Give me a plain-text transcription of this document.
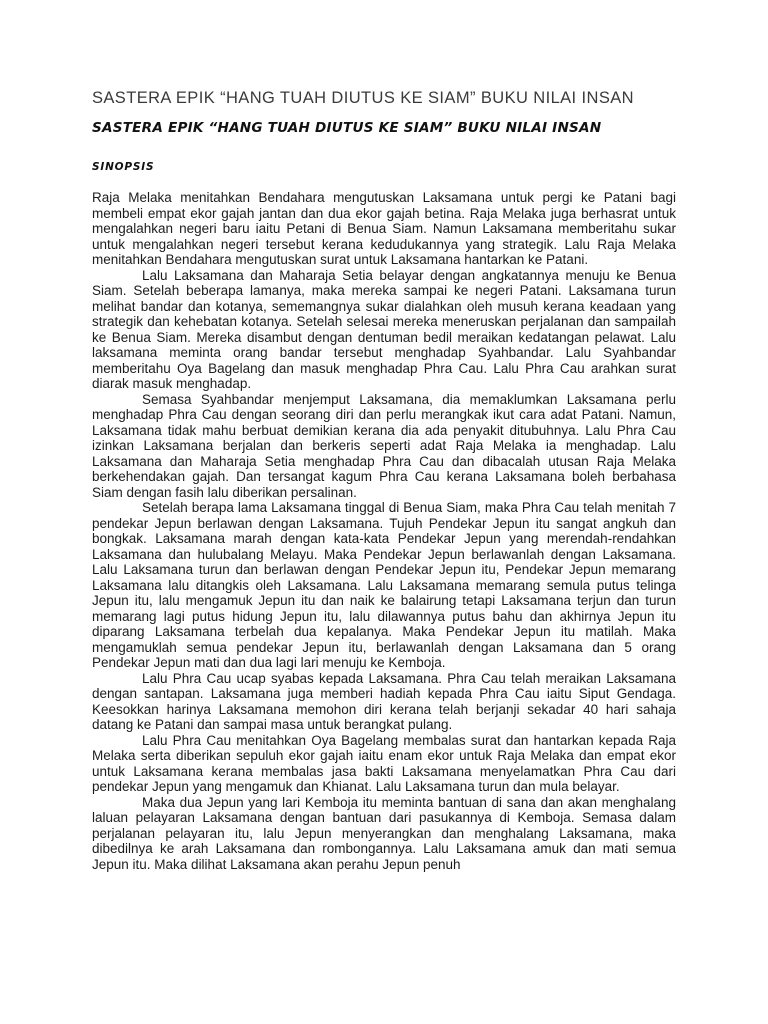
SASTERA EPIK “HANG TUAH DIUTUS KE SIAM” BUKU NILAI INSAN
SASTERA EPIK “HANG TUAH DIUTUS KE SIAM” BUKU NILAI INSAN
SINOPSIS

Raja Melaka menitahkan Bendahara mengutuskan Laksamana untuk pergi ke Patani bagi membeli empat ekor gajah jantan dan dua ekor gajah betina. Raja Melaka juga berhasrat untuk mengalahkan negeri baru iaitu Petani di Benua Siam. Namun Laksamana memberitahu sukar untuk mengalahkan negeri tersebut kerana kedudukannya yang strategik. Lalu Raja Melaka menitahkan Bendahara mengutuskan surat untuk Laksamana hantarkan ke Patani.

Lalu Laksamana dan Maharaja Setia belayar dengan angkatannya menuju ke Benua Siam. Setelah beberapa lamanya, maka mereka sampai ke negeri Patani. Laksamana turun melihat bandar dan kotanya, sememangnya sukar dialahkan oleh musuh kerana keadaan yang strategik dan kehebatan kotanya. Setelah selesai mereka meneruskan perjalanan dan sampailah ke Benua Siam. Mereka disambut dengan dentuman bedil meraikan kedatangan pelawat. Lalu laksamana meminta orang bandar tersebut menghadap Syahbandar. Lalu Syahbandar memberitahu Oya Bagelang dan masuk menghadap Phra Cau. Lalu Phra Cau arahkan surat diarak masuk menghadap.

Semasa Syahbandar menjemput Laksamana, dia memaklumkan Laksamana perlu menghadap Phra Cau dengan seorang diri dan perlu merangkak ikut cara adat Patani. Namun, Laksamana tidak mahu berbuat demikian kerana dia ada penyakit ditubuhnya. Lalu Phra Cau izinkan Laksamana berjalan dan berkeris seperti adat Raja Melaka ia menghadap. Lalu Laksamana dan Maharaja Setia menghadap Phra Cau dan dibacalah utusan Raja Melaka berkehendakan gajah. Dan tersangat kagum Phra Cau kerana Laksamana boleh berbahasa Siam dengan fasih lalu diberikan persalinan.

Setelah berapa lama Laksamana tinggal di Benua Siam, maka Phra Cau telah menitah 7 pendekar Jepun berlawan dengan Laksamana. Tujuh Pendekar Jepun itu sangat angkuh dan bongkak. Laksamana marah dengan kata-kata Pendekar Jepun yang merendah-rendahkan Laksamana dan hulubalang Melayu. Maka Pendekar Jepun berlawanlah dengan Laksamana. Lalu Laksamana turun dan berlawan dengan Pendekar Jepun itu, Pendekar Jepun memarang Laksamana lalu ditangkis oleh Laksamana. Lalu Laksamana memarang semula putus telinga Jepun itu, lalu mengamuk Jepun itu dan naik ke balairung tetapi Laksamana terjun dan turun memarang lagi putus hidung Jepun itu, lalu dilawannya putus bahu dan akhirnya Jepun itu diparang Laksamana terbelah dua kepalanya. Maka Pendekar Jepun itu matilah. Maka mengamuklah semua pendekar Jepun itu, berlawanlah dengan Laksamana dan 5 orang Pendekar Jepun mati dan dua lagi lari menuju ke Kemboja.

Lalu Phra Cau ucap syabas kepada Laksamana. Phra Cau telah meraikan Laksamana dengan santapan. Laksamana juga memberi hadiah kepada Phra Cau iaitu Siput Gendaga. Keesokkan harinya Laksamana memohon diri kerana telah berjanji sekadar 40 hari sahaja datang ke Patani dan sampai masa untuk berangkat pulang.

Lalu Phra Cau menitahkan Oya Bagelang membalas surat dan hantarkan kepada Raja Melaka serta diberikan sepuluh ekor gajah iaitu enam ekor untuk Raja Melaka dan empat ekor untuk Laksamana kerana membalas jasa bakti Laksamana menyelamatkan Phra Cau dari pendekar Jepun yang mengamuk dan Khianat. Lalu Laksamana turun dan mula belayar.

Maka dua Jepun yang lari Kemboja itu meminta bantuan di sana dan akan menghalang laluan pelayaran Laksamana dengan bantuan dari pasukannya di Kemboja. Semasa dalam perjalanan pelayaran itu, lalu Jepun menyerangkan dan menghalang Laksamana, maka dibedilnya ke arah Laksamana dan rombongannya. Lalu Laksamana amuk dan mati semua Jepun itu. Maka dilihat Laksamana akan perahu Jepun penuh
